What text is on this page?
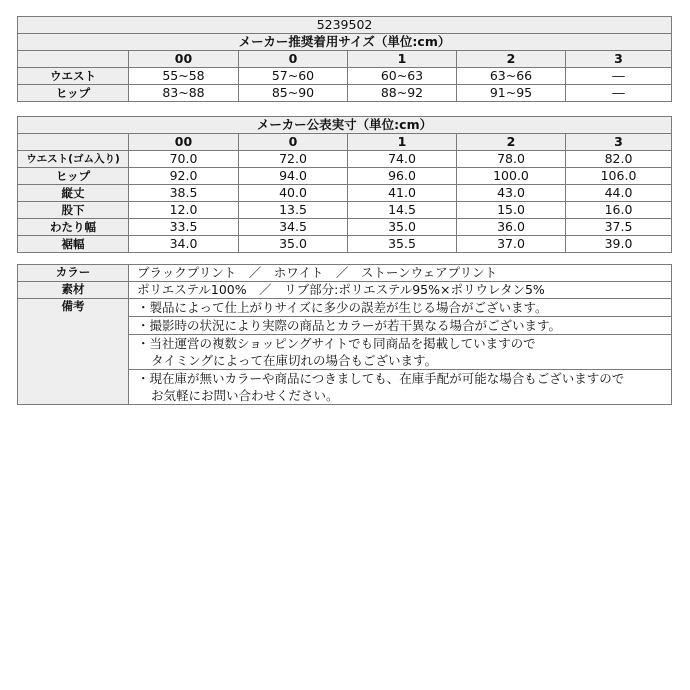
5239502					
メーカー推奨着用サイズ（単位:cm）					
	00	0	1	2	3
ウエスト	55~58	57~60	60~63	63~66	―
ヒップ	83~88	85~90	88~92	91~95	―
メーカー公表実寸（単位:cm）					
	00	0	1	2	3
ウエスト(ゴム入り)	70.0	72.0	74.0	78.0	82.0
ヒップ	92.0	94.0	96.0	100.0	106.0
縦丈	38.5	40.0	41.0	43.0	44.0
股下	12.0	13.5	14.5	15.0	16.0
わたり幅	33.5	34.5	35.0	36.0	37.5
裾幅	34.0	35.0	35.5	37.0	39.0
カラー	ブラックプリント　／　ホワイト　／　ストーンウェアプリント
素材	ポリエステル100%　／　リブ部分:ポリエステル95%×ポリウレタン5%
備考	・製品によって仕上がりサイズに多少の誤差が生じる場合がございます。

	・撮影時の状況により実際の商品とカラーが若干異なる場合がございます。

	・当社運営の複数ショッピングサイトでも同商品を掲載していますので
タイミングによって在庫切れの場合もございます。

	・現在庫が無いカラーや商品につきましても、在庫手配が可能な場合もございますので
お気軽にお問い合わせください。
